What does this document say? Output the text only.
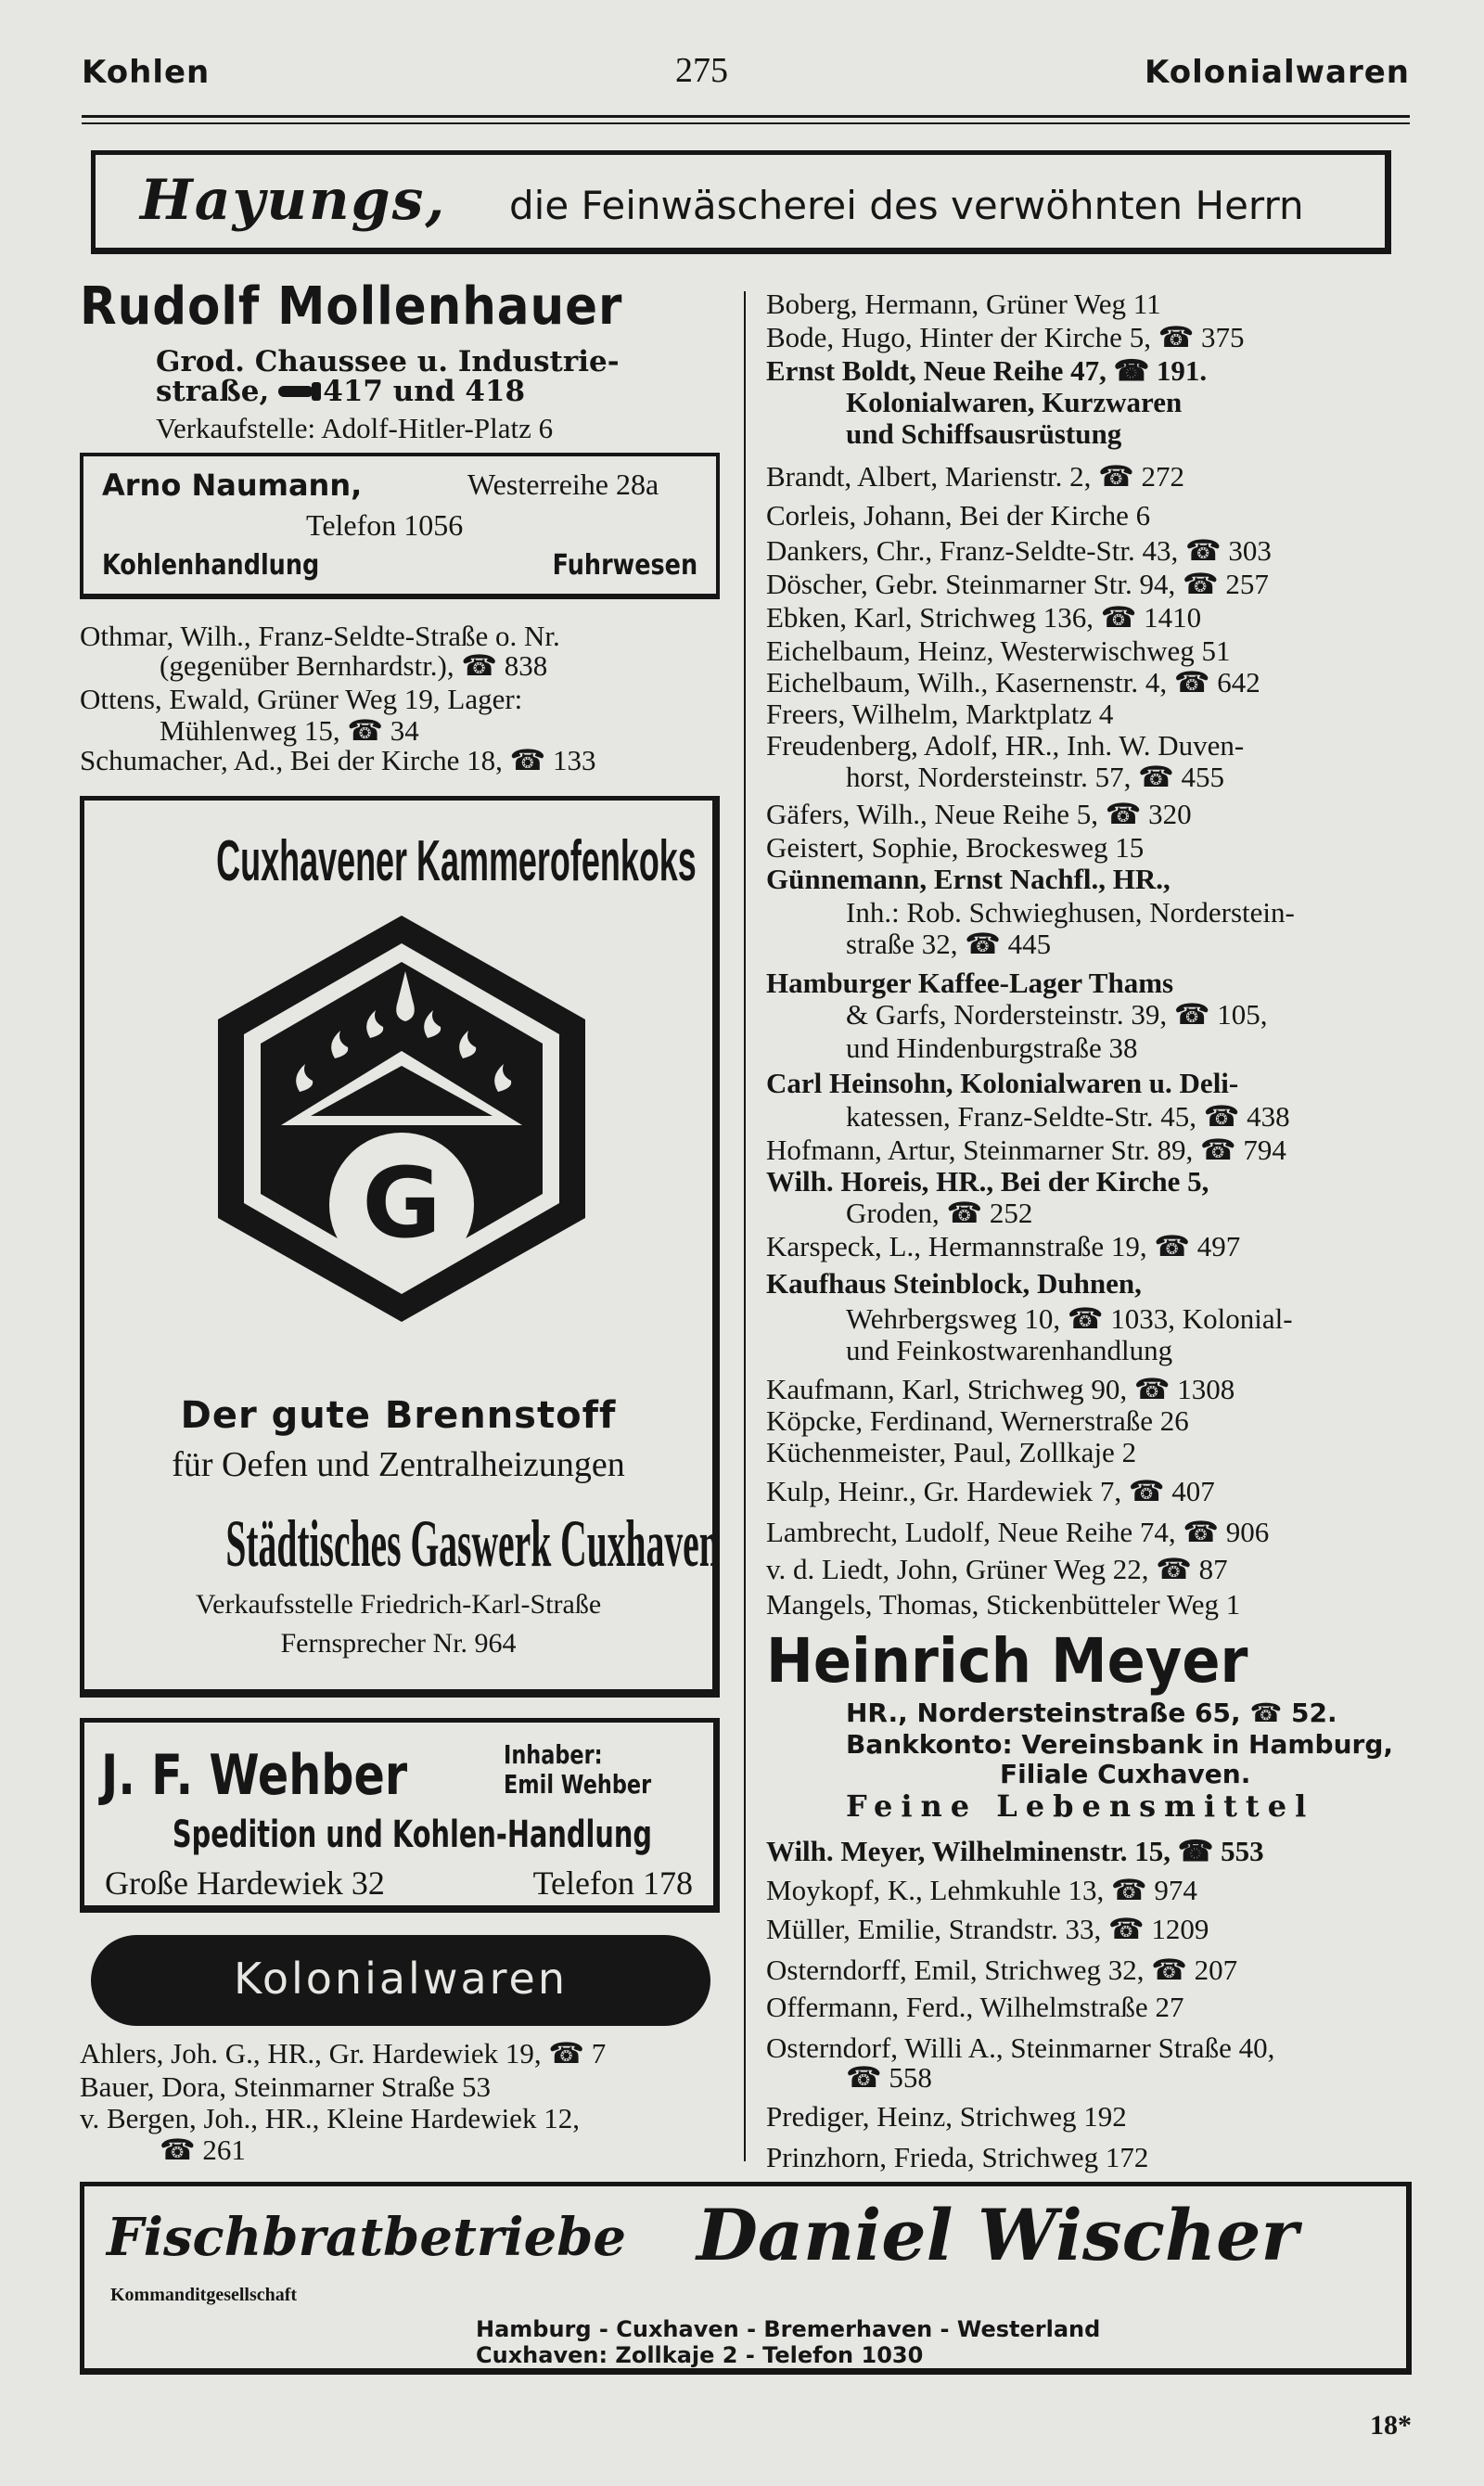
Kohlen	275	Kolonialwaren
Hayungs, die Feinwäscherei des verwöhnten Herrn
Rudolf Mollenhauer
Grod. Chaussee u. Industrie-
straße, 417 und 418
Verkaufstelle: Adolf-Hitler-Platz 6
Arno Naumann,	Westerreihe 28a
Telefon 1056
Kohlenhandlung	Fuhrwesen
Othmar, Wilh., Franz-Seldte-Straße o. Nr.
(gegenüber Bernhardstr.), ☎ 838
Ottens, Ewald, Grüner Weg 19, Lager:
Mühlenweg 15, ☎ 34
Schumacher, Ad., Bei der Kirche 18, ☎ 133
Cuxhavener Kammerofenkoks
G
Der gute Brennstoff
für Oefen und Zentralheizungen
Städtisches Gaswerk Cuxhaven
Verkaufsstelle Friedrich-Karl-Straße
Fernsprecher Nr. 964
J. F. Wehber	Inhaber:
Emil Wehber
Spedition und Kohlen-Handlung
Große Hardewiek 32	Telefon 178
Kolonialwaren
Ahlers, Joh. G., HR., Gr. Hardewiek 19, ☎ 7
Bauer, Dora, Steinmarner Straße 53
v. Bergen, Joh., HR., Kleine Hardewiek 12,
☎ 261
Boberg, Hermann, Grüner Weg 11
Bode, Hugo, Hinter der Kirche 5, ☎ 375
Ernst Boldt, Neue Reihe 47, ☎ 191.
Kolonialwaren, Kurzwaren
und Schiffsausrüstung
Brandt, Albert, Marienstr. 2, ☎ 272
Corleis, Johann, Bei der Kirche 6
Dankers, Chr., Franz-Seldte-Str. 43, ☎ 303
Döscher, Gebr. Steinmarner Str. 94, ☎ 257
Ebken, Karl, Strichweg 136, ☎ 1410
Eichelbaum, Heinz, Westerwischweg 51
Eichelbaum, Wilh., Kasernenstr. 4, ☎ 642
Freers, Wilhelm, Marktplatz 4
Freudenberg, Adolf, HR., Inh. W. Duven-
horst, Nordersteinstr. 57, ☎ 455
Gäfers, Wilh., Neue Reihe 5, ☎ 320
Geistert, Sophie, Brockesweg 15
Günnemann, Ernst Nachfl., HR.,
Inh.: Rob. Schwieghusen, Norderstein-
straße 32, ☎ 445
Hamburger Kaffee-Lager Thams
& Garfs, Nordersteinstr. 39, ☎ 105,
und Hindenburgstraße 38
Carl Heinsohn, Kolonialwaren u. Deli-
katessen, Franz-Seldte-Str. 45, ☎ 438
Hofmann, Artur, Steinmarner Str. 89, ☎ 794
Wilh. Horeis, HR., Bei der Kirche 5,
Groden, ☎ 252
Karspeck, L., Hermannstraße 19, ☎ 497
Kaufhaus Steinblock, Duhnen,
Wehrbergsweg 10, ☎ 1033, Kolonial-
und Feinkostwarenhandlung
Kaufmann, Karl, Strichweg 90, ☎ 1308
Köpcke, Ferdinand, Wernerstraße 26
Küchenmeister, Paul, Zollkaje 2
Kulp, Heinr., Gr. Hardewiek 7, ☎ 407
Lambrecht, Ludolf, Neue Reihe 74, ☎ 906
v. d. Liedt, John, Grüner Weg 22, ☎ 87
Mangels, Thomas, Stickenbütteler Weg 1
Heinrich Meyer
HR., Nordersteinstraße 65, ☎ 52.
Bankkonto: Vereinsbank in Hamburg,
Filiale Cuxhaven.
Feine Lebensmittel
Wilh. Meyer, Wilhelminenstr. 15, ☎ 553
Moykopf, K., Lehmkuhle 13, ☎ 974
Müller, Emilie, Strandstr. 33, ☎ 1209
Osterndorff, Emil, Strichweg 32, ☎ 207
Offermann, Ferd., Wilhelmstraße 27
Osterndorf, Willi A., Steinmarner Straße 40,
☎ 558
Prediger, Heinz, Strichweg 192
Prinzhorn, Frieda, Strichweg 172
Fischbratbetriebe Daniel Wischer
Kommanditgesellschaft
Hamburg - Cuxhaven - Bremerhaven - Westerland
Cuxhaven: Zollkaje 2 - Telefon 1030
18*
